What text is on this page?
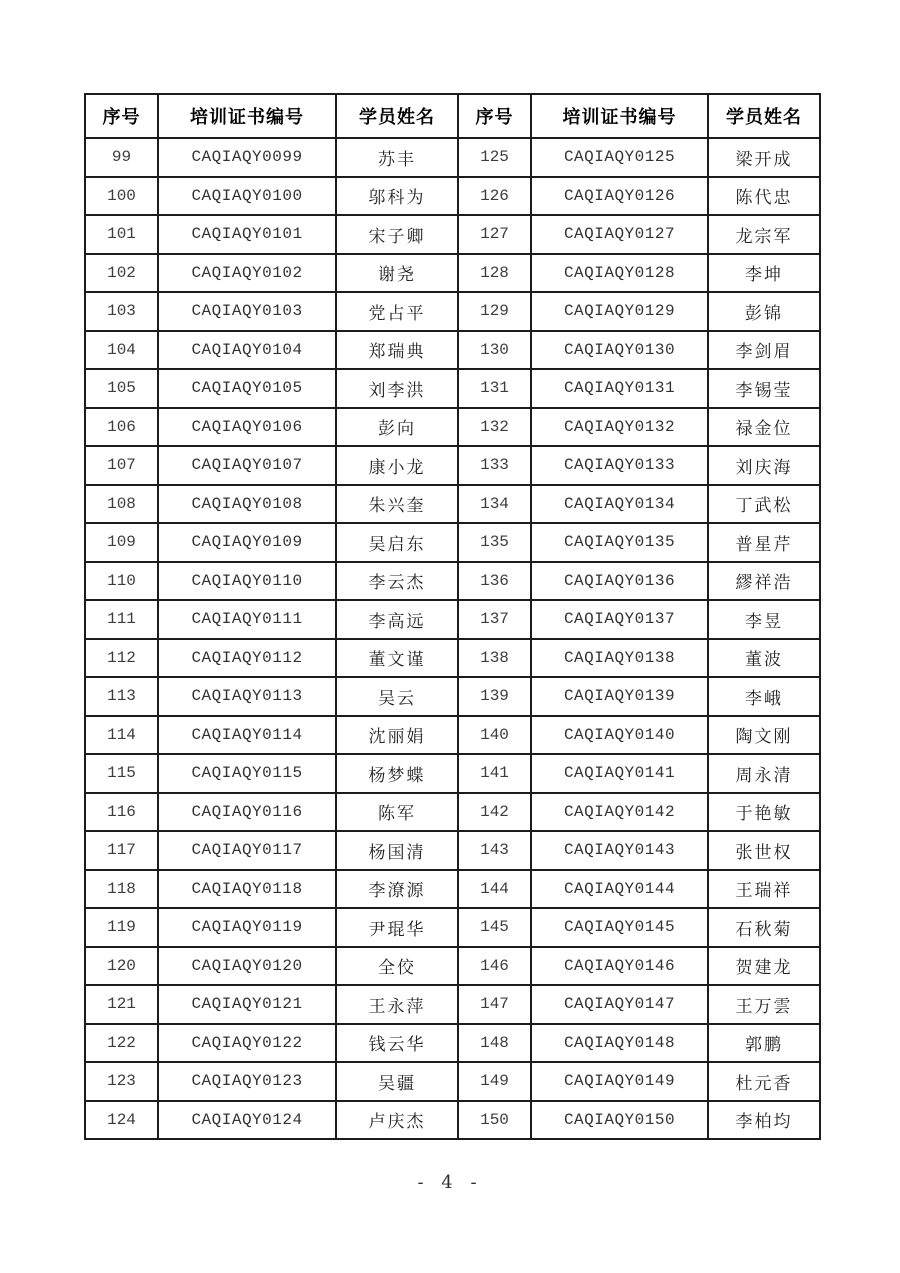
序号	培训证书编号	学员姓名	序号	培训证书编号	学员姓名
99	CAQIAQY0099	苏丰	125	CAQIAQY0125	梁开成
100	CAQIAQY0100	邬科为	126	CAQIAQY0126	陈代忠
101	CAQIAQY0101	宋子卿	127	CAQIAQY0127	龙宗军
102	CAQIAQY0102	谢尧	128	CAQIAQY0128	李坤
103	CAQIAQY0103	党占平	129	CAQIAQY0129	彭锦
104	CAQIAQY0104	郑瑞典	130	CAQIAQY0130	李剑眉
105	CAQIAQY0105	刘李洪	131	CAQIAQY0131	李锡莹
106	CAQIAQY0106	彭向	132	CAQIAQY0132	禄金位
107	CAQIAQY0107	康小龙	133	CAQIAQY0133	刘庆海
108	CAQIAQY0108	朱兴奎	134	CAQIAQY0134	丁武松
109	CAQIAQY0109	吴启东	135	CAQIAQY0135	普星芹
110	CAQIAQY0110	李云杰	136	CAQIAQY0136	繆祥浩
111	CAQIAQY0111	李高远	137	CAQIAQY0137	李昱
112	CAQIAQY0112	董文谨	138	CAQIAQY0138	董波
113	CAQIAQY0113	吴云	139	CAQIAQY0139	李峨
114	CAQIAQY0114	沈丽娟	140	CAQIAQY0140	陶文刚
115	CAQIAQY0115	杨梦蝶	141	CAQIAQY0141	周永清
116	CAQIAQY0116	陈军	142	CAQIAQY0142	于艳敏
117	CAQIAQY0117	杨国清	143	CAQIAQY0143	张世权
118	CAQIAQY0118	李潦源	144	CAQIAQY0144	王瑞祥
119	CAQIAQY0119	尹琨华	145	CAQIAQY0145	石秋菊
120	CAQIAQY0120	全佼	146	CAQIAQY0146	贺建龙
121	CAQIAQY0121	王永萍	147	CAQIAQY0147	王万雲
122	CAQIAQY0122	钱云华	148	CAQIAQY0148	郭鹏
123	CAQIAQY0123	吴疆	149	CAQIAQY0149	杜元香
124	CAQIAQY0124	卢庆杰	150	CAQIAQY0150	李柏均
- 4 -
